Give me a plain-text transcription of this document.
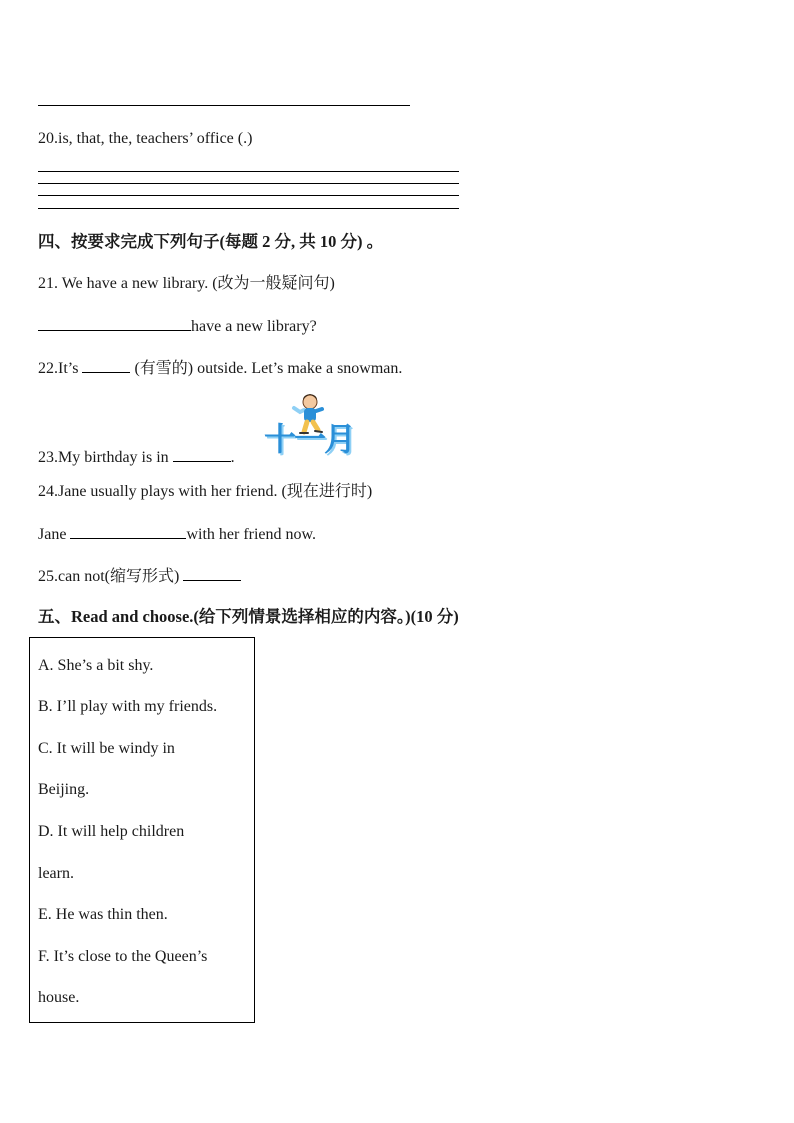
20.is, that, the, teachers’ office (.)
四、按要求完成下列句子(每题 2 分, 共 10 分) 。
21. We have a new library. (改为一般疑问句)
have a new library?
22.It’s	(有雪的) outside. Let’s make a snowman.
23.My birthday is in	. 十一月
24.Jane usually plays with her friend. (现在进行时)
Jane	with her friend now.
25.can not(缩写形式)
五、Read and choose.(给下列情景选择相应的内容。)(10 分)
A. She’s a bit shy.
B. I’ll play with my friends.
C. It will be windy in
Beijing.
D. It will help children
learn.
E. He was thin then.
F. It’s close to the Queen’s
house.
